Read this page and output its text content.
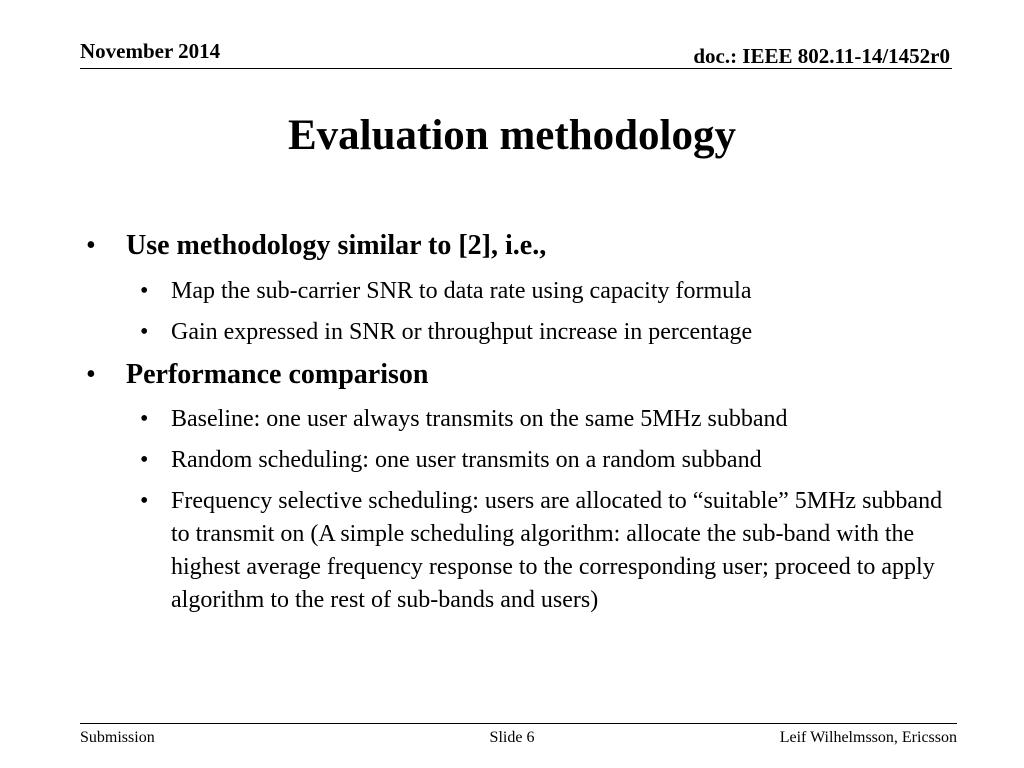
November 2014	doc.: IEEE 802.11-14/1452r0
Evaluation methodology
• Use methodology similar to [2], i.e.,
• Map the sub-carrier SNR to data rate using capacity formula
• Gain expressed in SNR or throughput increase in percentage
• Performance comparison
• Baseline: one user always transmits on the same 5MHz subband
• Random scheduling: one user transmits on a random subband
• Frequency selective scheduling: users are allocated to “suitable” 5MHz subband to transmit on (A simple scheduling algorithm: allocate the sub-band with the highest average frequency response to the corresponding user; proceed to apply algorithm to the rest of sub-bands and users)
Submission	Slide 6	Leif Wilhelmsson, Ericsson
